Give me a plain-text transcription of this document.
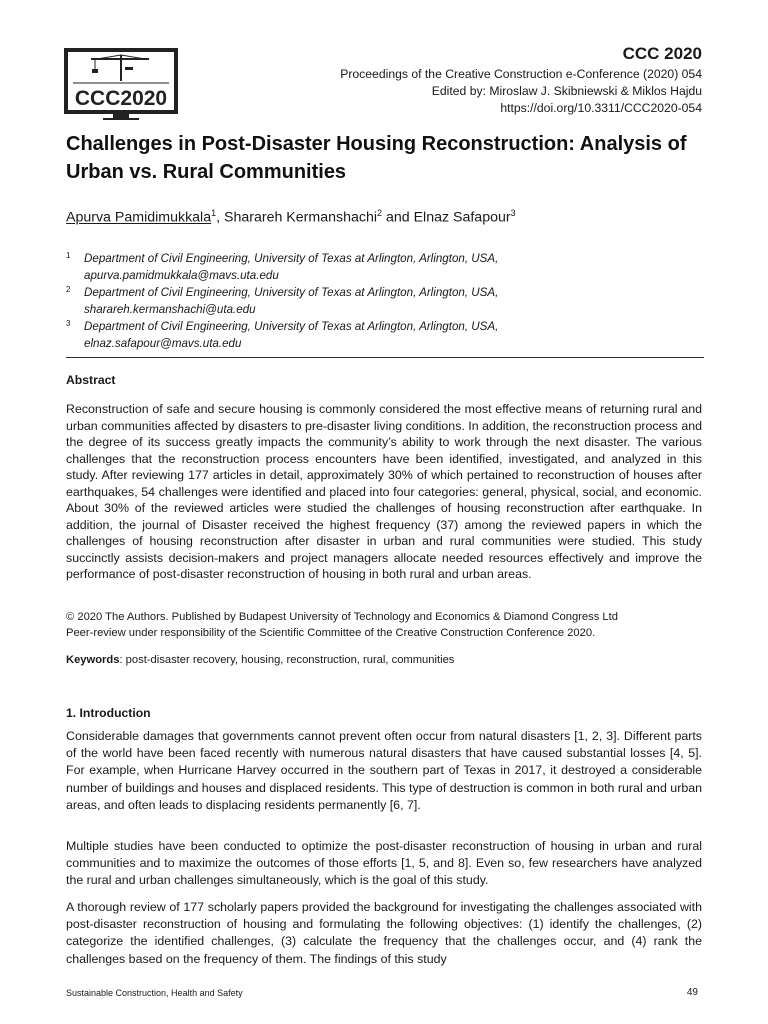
CCC2020
CCC 2020
Proceedings of the Creative Construction e-Conference (2020) 054
Edited by: Miroslaw J. Skibniewski & Miklos Hajdu
https://doi.org/10.3311/CCC2020-054
Challenges in Post-Disaster Housing Reconstruction: Analysis of Urban vs. Rural Communities
Apurva Pamidimukkala$^1$, Sharareh Kermanshachi$^2$ and Elnaz Safapour$^3$
1 Department of Civil Engineering, University of Texas at Arlington, Arlington, USA,
apurva.pamidmukkala@mavs.uta.edu
2 Department of Civil Engineering, University of Texas at Arlington, Arlington, USA,
sharareh.kermanshachi@uta.edu
3 Department of Civil Engineering, University of Texas at Arlington, Arlington, USA,
elnaz.safapour@mavs.uta.edu
Abstract
Reconstruction of safe and secure housing is commonly considered the most effective means of returning rural and urban communities affected by disasters to pre-disaster living conditions. In addition, the reconstruction process and the degree of its success greatly impacts the community’s ability to work through the next disaster. The various challenges that the reconstruction process encounters have been identified, investigated, and analyzed in this study. After reviewing 177 articles in detail, approximately 30% of which pertained to reconstruction of houses after earthquakes, 54 challenges were identified and placed into four categories: general, physical, social, and economic. About 30% of the reviewed articles were studied the challenges of housing reconstruction after earthquake. In addition, the journal of Disaster received the highest frequency (37) among the reviewed papers in which the challenges of housing reconstruction after disaster in urban and rural communities were studied. This study succinctly assists decision-makers and project managers allocate needed resources effectively and improve the performance of post-disaster reconstruction of housing in both rural and urban areas.
© 2020 The Authors. Published by Budapest University of Technology and Economics & Diamond Congress Ltd
Peer-review under responsibility of the Scientific Committee of the Creative Construction Conference 2020.
Keywords: post-disaster recovery, housing, reconstruction, rural, communities
1. Introduction
Considerable damages that governments cannot prevent often occur from natural disasters [1, 2, 3]. Different parts of the world have been faced recently with numerous natural disasters that have caused substantial losses [4, 5]. For example, when Hurricane Harvey occurred in the southern part of Texas in 2017, it destroyed a considerable number of buildings and houses and displaced residents. This type of destruction is common in both rural and urban areas, and often leads to displacing residents permanently [6, 7].
Multiple studies have been conducted to optimize the post-disaster reconstruction of housing in urban and rural communities and to maximize the outcomes of those efforts [1, 5, and 8]. Even so, few researchers have analyzed the rural and urban challenges simultaneously, which is the goal of this study.
A thorough review of 177 scholarly papers provided the background for investigating the challenges associated with post-disaster reconstruction of housing and formulating the following objectives: (1) identify the challenges, (2) categorize the identified challenges, (3) calculate the frequency that the challenges occur, and (4) rank the challenges based on the frequency of them. The findings of this study
Sustainable Construction, Health and Safety	49
